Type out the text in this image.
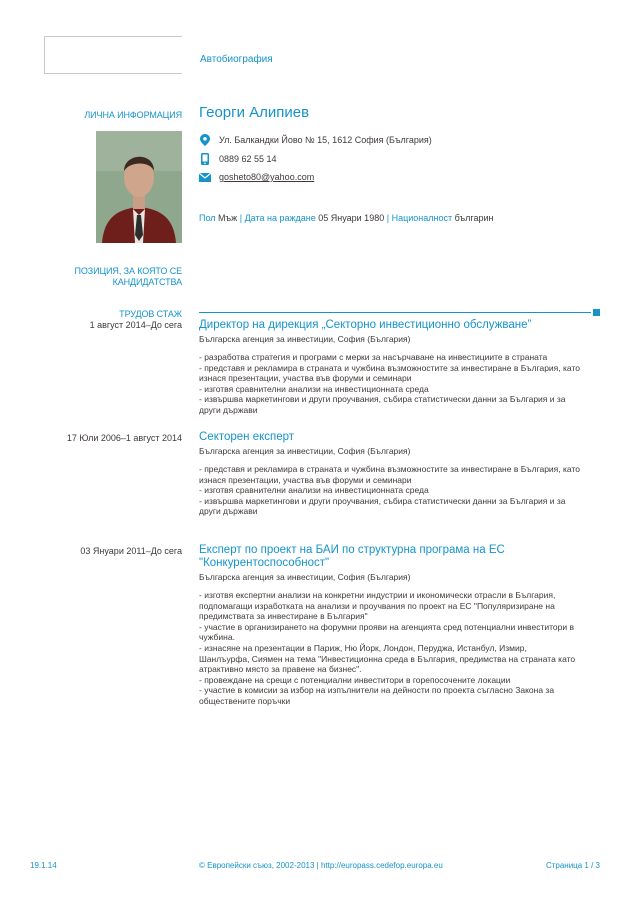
Автобиография
ЛИЧНА ИНФОРМАЦИЯ Георги Алипиев
Ул. Балкандки Йово № 15, 1612 София (България)
0889 62 55 14
gosheto80@yahoo.com
Пол Мъж | Дата на раждане 05 Януари 1980 | Националност българин
ПОЗИЦИЯ, ЗА КОЯТО СЕ
КАНДИДАТСТВА
ТРУДОВ СТАЖ
1 август 2014–До сега Директор на дирекция „Секторно инвестиционно обслужване”
Българска агенция за инвестиции, София (България)
- разработва стратегия и програми с мерки за насърчаване на инвестициите в страната
- представя и рекламира в страната и чужбина възможностите за инвестиране в България, като
изнася презентации, участва във форуми и семинари
- изготвя сравнителни анализи на инвестиционната среда
- извършва маркетингови и други проучвания, събира статистически данни за България и за
други държави
17 Юли 2006–1 август 2014 Секторен експерт
Българска агенция за инвестиции, София (България)
- представя и рекламира в страната и чужбина възможностите за инвестиране в България, като
изнася презентации, участва във форуми и семинари
- изготвя сравнителни анализи на инвестиционната среда
- извършва маркетингови и други проучвания, събира статистически данни за България и за
други държави
03 Януари 2011–До сега Експерт по проект на БАИ по структурна програма на ЕС
"Конкурентоспособност"
Българска агенция за инвестиции, София (България)
- изготвя експертни анализи на конкретни индустрии и икономически отрасли в България,
подпомагащи изработката на анализи и проучвания по проект на ЕС "Популяризиране на
предимствата за инвестиране в България"
- участие в организирането на форумни прояви на агенцията сред потенциални инвеститори в
чужбина.
- изнасяне на презентации в Париж, Ню Йорк, Лондон, Перуджа, Истанбул, Измир,
Шанлъурфа, Сиямен на тема "Инвестиционна среда в България, предимства на страната като
атрактивно място за правене на бизнес".
- провеждане на срещи с потенциални инвеститори в горепосочените локации
- участие в комисии за избор на изпълнители на дейности по проекта съгласно Закона за
обществените поръчки
19.1.14	© Европейски съюз, 2002-2013 | http://europass.cedefop.europa.eu	Страница 1 / 3
